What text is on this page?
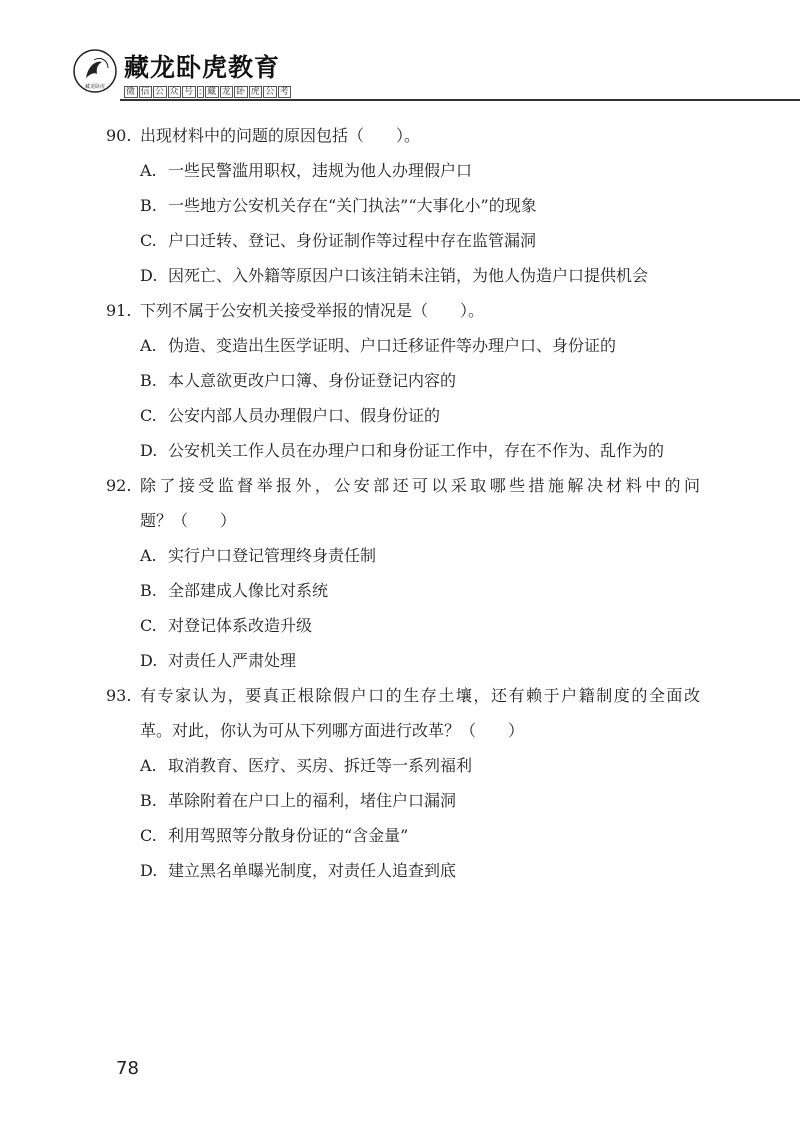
藏龙卧虎
藏龙卧虎教育
微 信 公 众 号 : 藏 龙 卧 虎 公 考
90. 出现材料中的问题的原因包括（　　）。
A. 一些民警滥用职权，违规为他人办理假户口
B. 一些地方公安机关存在“关门执法”“大事化小”的现象
C. 户口迁转、登记、身份证制作等过程中存在监管漏洞
D. 因死亡、入外籍等原因户口该注销未注销，为他人伪造户口提供机会
91. 下列不属于公安机关接受举报的情况是（　　）。
A. 伪造、变造出生医学证明、户口迁移证件等办理户口、身份证的
B. 本人意欲更改户口簿、身份证登记内容的
C. 公安内部人员办理假户口、假身份证的
D. 公安机关工作人员在办理户口和身份证工作中，存在不作为、乱作为的
92. 除了接受监督举报外，公安部还可以采取哪些措施解决材料中的问
题？（　　）
A. 实行户口登记管理终身责任制
B. 全部建成人像比对系统
C. 对登记体系改造升级
D. 对责任人严肃处理
93. 有专家认为，要真正根除假户口的生存土壤，还有赖于户籍制度的全面改
革。对此，你认为可从下列哪方面进行改革？（　　）
A. 取消教育、医疗、买房、拆迁等一系列福利
B. 革除附着在户口上的福利，堵住户口漏洞
C. 利用驾照等分散身份证的“含金量”
D. 建立黑名单曝光制度，对责任人追查到底
78
